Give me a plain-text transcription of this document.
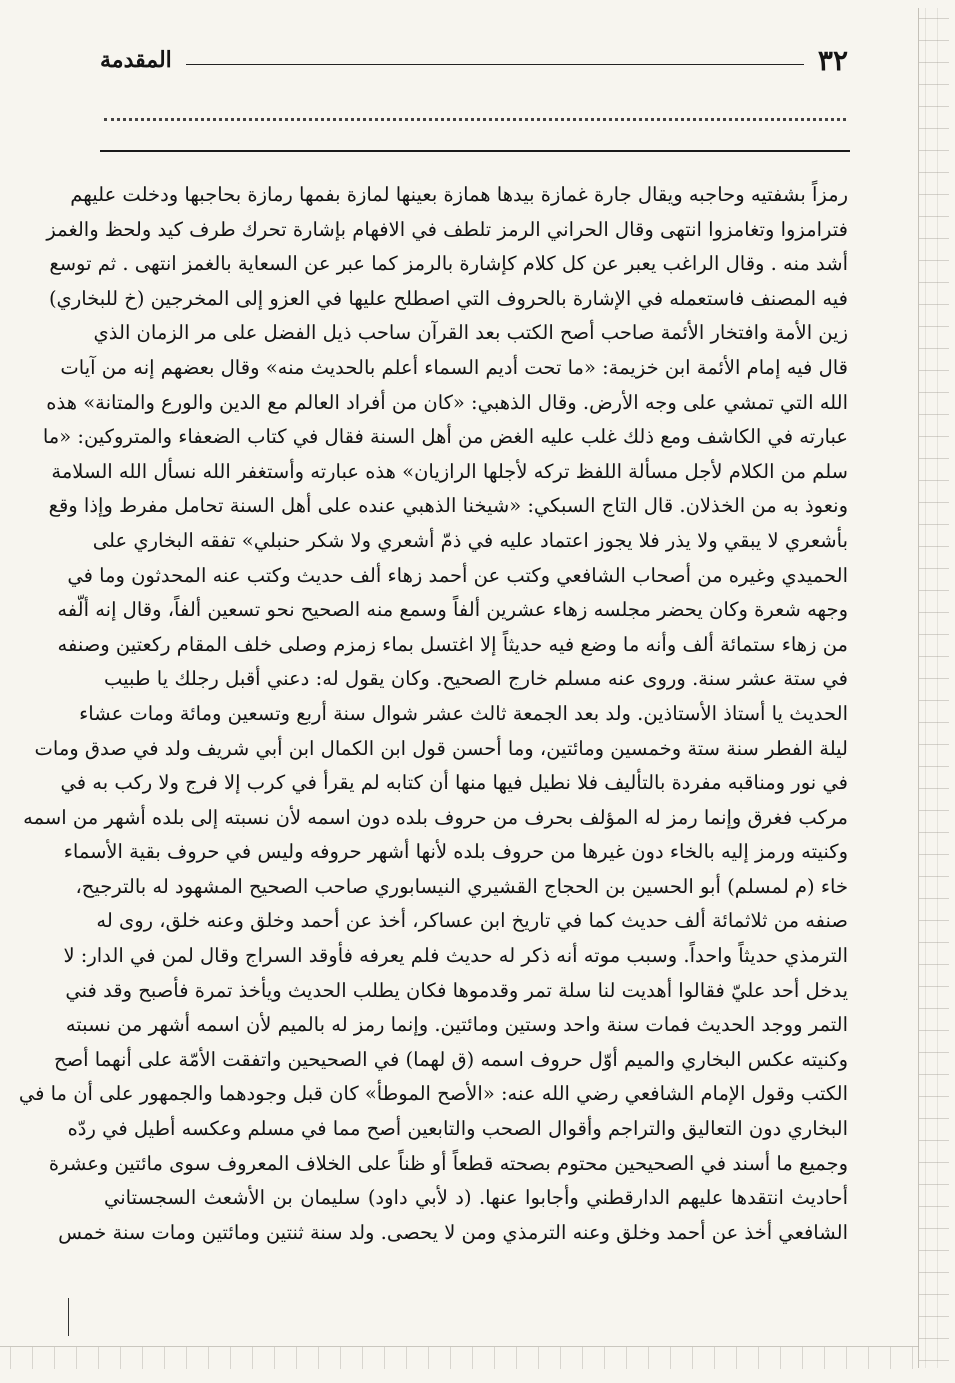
٣٢
المقدمة
رمزاً بشفتيه وحاجبه ويقال جارة غمازة بيدها همازة بعينها لمازة بفمها رمازة بحاجبها ودخلت عليهم
فترامزوا وتغامزوا انتهى وقال الحراني الرمز تلطف في الافهام بإشارة تحرك طرف كيد ولحظ والغمز
أشد منه . وقال الراغب يعبر عن كل كلام كإشارة بالرمز كما عبر عن السعاية بالغمز انتهى . ثم توسع
فيه المصنف فاستعمله في الإشارة بالحروف التي اصطلح عليها في العزو إلى المخرجين (خ للبخاري)
زين الأمة وافتخار الأئمة صاحب أصح الكتب بعد القرآن ساحب ذيل الفضل على مر الزمان الذي
قال فيه إمام الأئمة ابن خزيمة: «ما تحت أديم السماء أعلم بالحديث منه» وقال بعضهم إنه من آيات
الله التي تمشي على وجه الأرض. وقال الذهبي: «كان من أفراد العالم مع الدين والورع والمتانة» هذه
عبارته في الكاشف ومع ذلك غلب عليه الغض من أهل السنة فقال في كتاب الضعفاء والمتروكين: «ما
سلم من الكلام لأجل مسألة اللفظ تركه لأجلها الرازيان» هذه عبارته وأستغفر الله نسأل الله السلامة
ونعوذ به من الخذلان. قال التاج السبكي: «شيخنا الذهبي عنده على أهل السنة تحامل مفرط وإذا وقع
بأشعري لا يبقي ولا يذر فلا يجوز اعتماد عليه في ذمّ أشعري ولا شكر حنبلي» تفقه البخاري على
الحميدي وغيره من أصحاب الشافعي وكتب عن أحمد زهاء ألف حديث وكتب عنه المحدثون وما في
وجهه شعرة وكان يحضر مجلسه زهاء عشرين ألفاً وسمع منه الصحيح نحو تسعين ألفاً، وقال إنه ألّفه
من زهاء ستمائة ألف وأنه ما وضع فيه حديثاً إلا اغتسل بماء زمزم وصلى خلف المقام ركعتين وصنفه
في ستة عشر سنة. وروى عنه مسلم خارج الصحيح. وكان يقول له: دعني أقبل رجلك يا طبيب
الحديث يا أستاذ الأستاذين. ولد بعد الجمعة ثالث عشر شوال سنة أربع وتسعين ومائة ومات عشاء
ليلة الفطر سنة ستة وخمسين ومائتين، وما أحسن قول ابن الكمال ابن أبي شريف ولد في صدق ومات
في نور ومناقبه مفردة بالتأليف فلا نطيل فيها منها أن كتابه لم يقرأ في كرب إلا فرج ولا ركب به في
مركب فغرق وإنما رمز له المؤلف بحرف من حروف بلده دون اسمه لأن نسبته إلى بلده أشهر من اسمه
وكنيته ورمز إليه بالخاء دون غيرها من حروف بلده لأنها أشهر حروفه وليس في حروف بقية الأسماء
خاء (م لمسلم) أبو الحسين بن الحجاج القشيري النيسابوري صاحب الصحيح المشهود له بالترجيح،
صنفه من ثلاثمائة ألف حديث كما في تاريخ ابن عساكر، أخذ عن أحمد وخلق وعنه خلق، روى له
الترمذي حديثاً واحداً. وسبب موته أنه ذكر له حديث فلم يعرفه فأوقد السراج وقال لمن في الدار: لا
يدخل أحد عليّ فقالوا أهديت لنا سلة تمر وقدموها فكان يطلب الحديث ويأخذ تمرة فأصبح وقد فني
التمر ووجد الحديث فمات سنة واحد وستين ومائتين. وإنما رمز له بالميم لأن اسمه أشهر من نسبته
وكنيته عكس البخاري والميم أوّل حروف اسمه (ق لهما) في الصحيحين واتفقت الأمّة على أنهما أصح
الكتب وقول الإمام الشافعي رضي الله عنه: «الأصح الموطأ» كان قبل وجودهما والجمهور على أن ما في
البخاري دون التعاليق والتراجم وأقوال الصحب والتابعين أصح مما في مسلم وعكسه أطيل في ردّه
وجميع ما أسند في الصحيحين محتوم بصحته قطعاً أو ظناً على الخلاف المعروف سوى مائتين وعشرة
أحاديث انتقدها عليهم الدارقطني وأجابوا عنها. (د لأبي داود) سليمان بن الأشعث السجستاني
الشافعي أخذ عن أحمد وخلق وعنه الترمذي ومن لا يحصى. ولد سنة ثنتين ومائتين ومات سنة خمس
